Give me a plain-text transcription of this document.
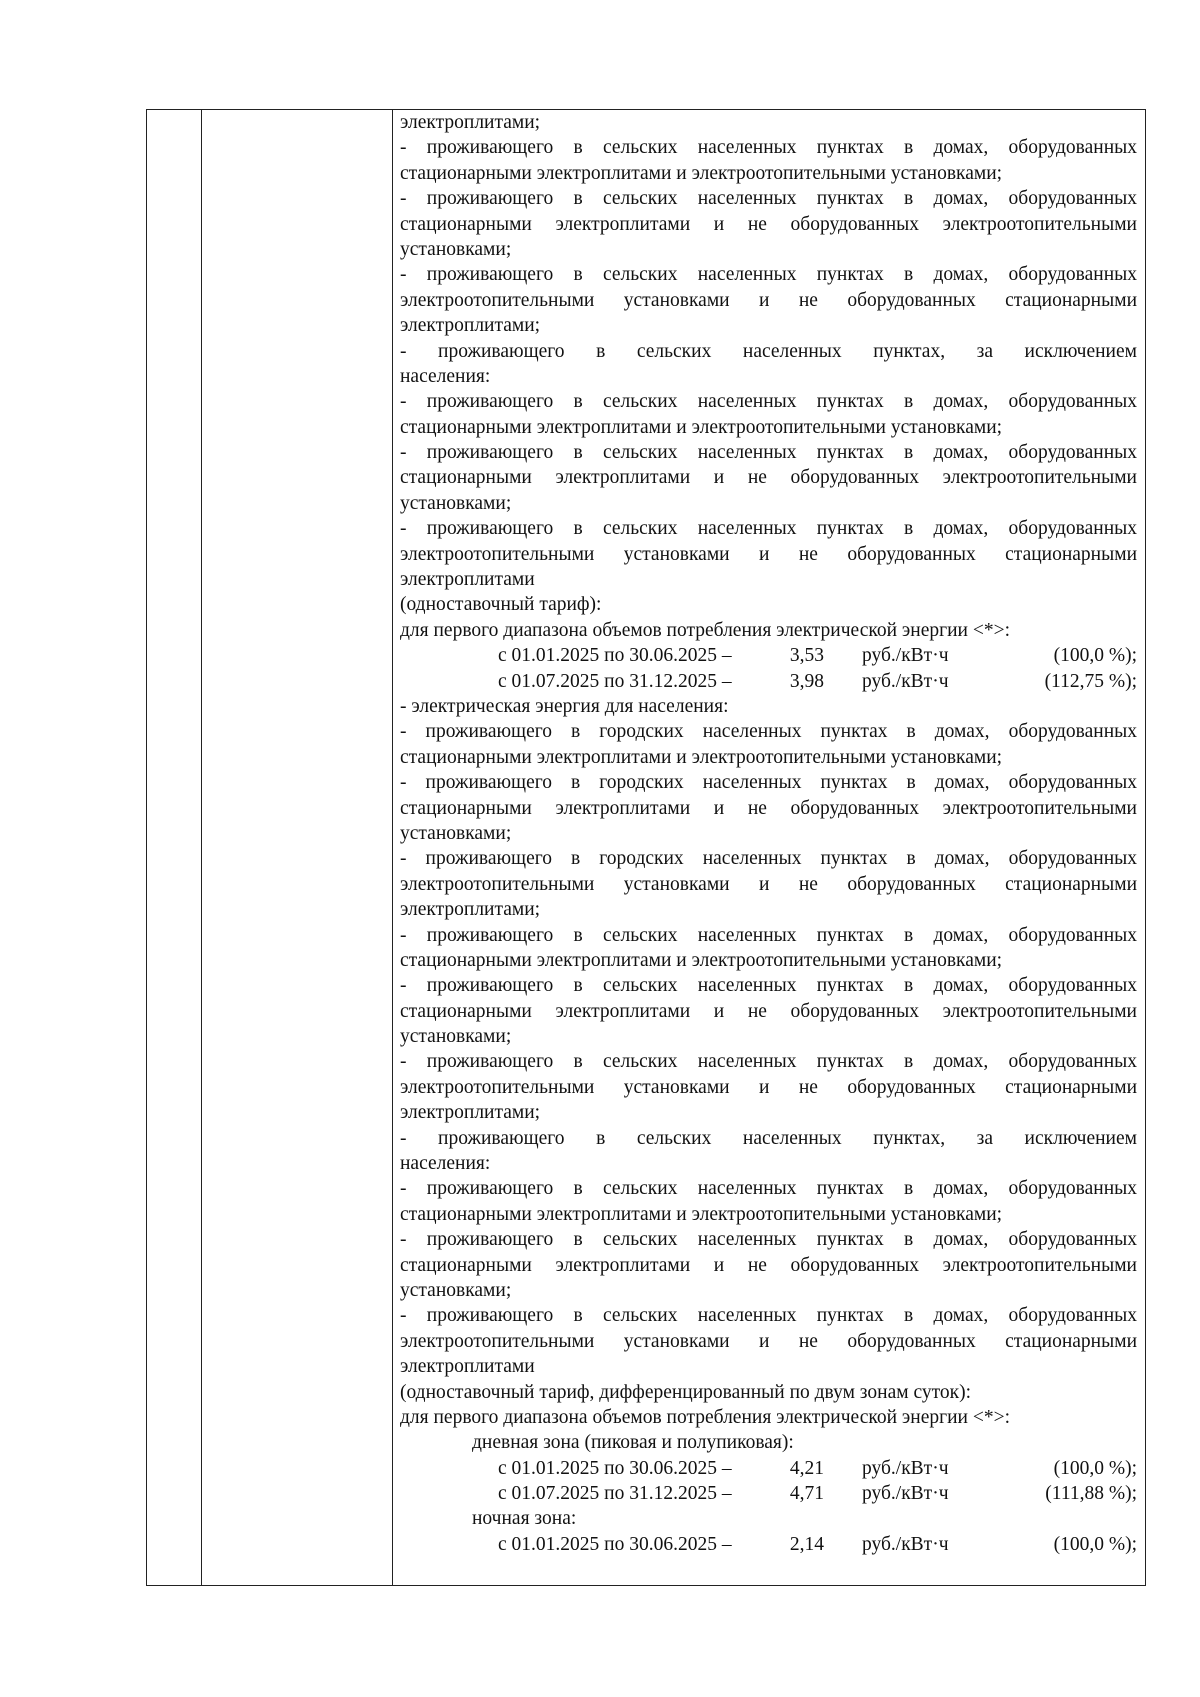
электроплитами;
- проживающего в сельских населенных пунктах в домах, оборудованных
стационарными электроплитами и электроотопительными установками;
- проживающего в сельских населенных пунктах в домах, оборудованных
стационарными электроплитами и не оборудованных электроотопительными
установками;
- проживающего в сельских населенных пунктах в домах, оборудованных
электроотопительными установками и не оборудованных стационарными
электроплитами;
- проживающего в сельских населенных пунктах, за исключением
населения:
- проживающего в сельских населенных пунктах в домах, оборудованных
стационарными электроплитами и электроотопительными установками;
- проживающего в сельских населенных пунктах в домах, оборудованных
стационарными электроплитами и не оборудованных электроотопительными
установками;
- проживающего в сельских населенных пунктах в домах, оборудованных
электроотопительными установками и не оборудованных стационарными
электроплитами
(одноставочный тариф):
для первого диапазона объемов потребления электрической энергии <*>:
с 01.01.2025 по 30.06.2025 –	3,53	руб./кВт·ч	(100,0 %);
с 01.07.2025 по 31.12.2025 –	3,98	руб./кВт·ч	(112,75 %);
- электрическая энергия для населения:
- проживающего в городских населенных пунктах в домах, оборудованных
стационарными электроплитами и электроотопительными установками;
- проживающего в городских населенных пунктах в домах, оборудованных
стационарными электроплитами и не оборудованных электроотопительными
установками;
- проживающего в городских населенных пунктах в домах, оборудованных
электроотопительными установками и не оборудованных стационарными
электроплитами;
- проживающего в сельских населенных пунктах в домах, оборудованных
стационарными электроплитами и электроотопительными установками;
- проживающего в сельских населенных пунктах в домах, оборудованных
стационарными электроплитами и не оборудованных электроотопительными
установками;
- проживающего в сельских населенных пунктах в домах, оборудованных
электроотопительными установками и не оборудованных стационарными
электроплитами;
- проживающего в сельских населенных пунктах, за исключением
населения:
- проживающего в сельских населенных пунктах в домах, оборудованных
стационарными электроплитами и электроотопительными установками;
- проживающего в сельских населенных пунктах в домах, оборудованных
стационарными электроплитами и не оборудованных электроотопительными
установками;
- проживающего в сельских населенных пунктах в домах, оборудованных
электроотопительными установками и не оборудованных стационарными
электроплитами
(одноставочный тариф, дифференцированный по двум зонам суток):
для первого диапазона объемов потребления электрической энергии <*>:
дневная зона (пиковая и полупиковая):
с 01.01.2025 по 30.06.2025 –	4,21	руб./кВт·ч	(100,0 %);
с 01.07.2025 по 31.12.2025 –	4,71	руб./кВт·ч	(111,88 %);
ночная зона:
с 01.01.2025 по 30.06.2025 –	2,14	руб./кВт·ч	(100,0 %);
